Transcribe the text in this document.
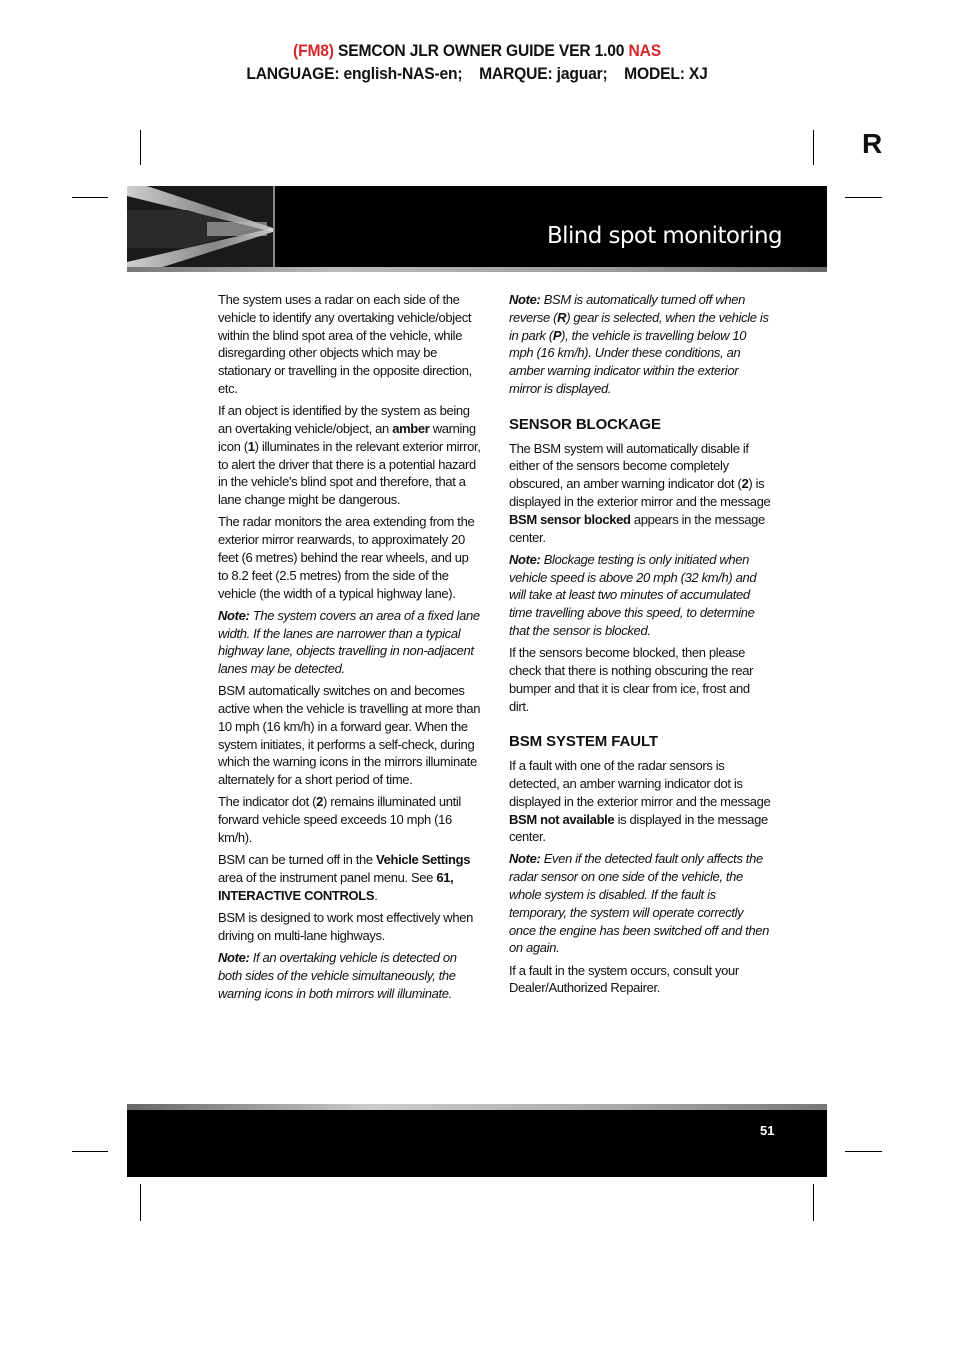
(FM8) SEMCON JLR OWNER GUIDE VER 1.00 NAS
LANGUAGE: english-NAS-en;    MARQUE: jaguar;    MODEL: XJ
R
Blind spot monitoring

The system uses a radar on each side of the vehicle to identify any overtaking vehicle/object within the blind spot area of the vehicle, while disregarding other objects which may be stationary or travelling in the opposite direction, etc.

If an object is identified by the system as being an overtaking vehicle/object, an amber warning icon (1) illuminates in the relevant exterior mirror, to alert the driver that there is a potential hazard in the vehicle's blind spot and therefore, that a lane change might be dangerous.

The radar monitors the area extending from the exterior mirror rearwards, to approximately 20 feet (6 metres) behind the rear wheels, and up to 8.2 feet (2.5 metres) from the side of the vehicle (the width of a typical highway lane).

Note: The system covers an area of a fixed lane width. If the lanes are narrower than a typical highway lane, objects travelling in non-adjacent lanes may be detected.

BSM automatically switches on and becomes active when the vehicle is travelling at more than 10 mph (16 km/h) in a forward gear. When the system initiates, it performs a self-check, during which the warning icons in the mirrors illuminate alternately for a short period of time.

The indicator dot (2) remains illuminated until forward vehicle speed exceeds 10 mph (16 km/h).

BSM can be turned off in the Vehicle Settings area of the instrument panel menu. See 61, INTERACTIVE CONTROLS.

BSM is designed to work most effectively when driving on multi-lane highways.

Note: If an overtaking vehicle is detected on both sides of the vehicle simultaneously, the warning icons in both mirrors will illuminate.

Note: BSM is automatically turned off when reverse (R) gear is selected, when the vehicle is in park (P), the vehicle is travelling below 10 mph (16 km/h). Under these conditions, an amber warning indicator within the exterior mirror is displayed.

SENSOR BLOCKAGE

The BSM system will automatically disable if either of the sensors become completely obscured, an amber warning indicator dot (2) is displayed in the exterior mirror and the message BSM sensor blocked appears in the message center.

Note: Blockage testing is only initiated when vehicle speed is above 20 mph (32 km/h) and will take at least two minutes of accumulated time travelling above this speed, to determine that the sensor is blocked.

If the sensors become blocked, then please check that there is nothing obscuring the rear bumper and that it is clear from ice, frost and dirt.

BSM SYSTEM FAULT

If a fault with one of the radar sensors is detected, an amber warning indicator dot is displayed in the exterior mirror and the message BSM not available is displayed in the message center.

Note: Even if the detected fault only affects the radar sensor on one side of the vehicle, the whole system is disabled. If the fault is temporary, the system will operate correctly once the engine has been switched off and then on again.

If a fault in the system occurs, consult your Dealer/Authorized Repairer.

51
